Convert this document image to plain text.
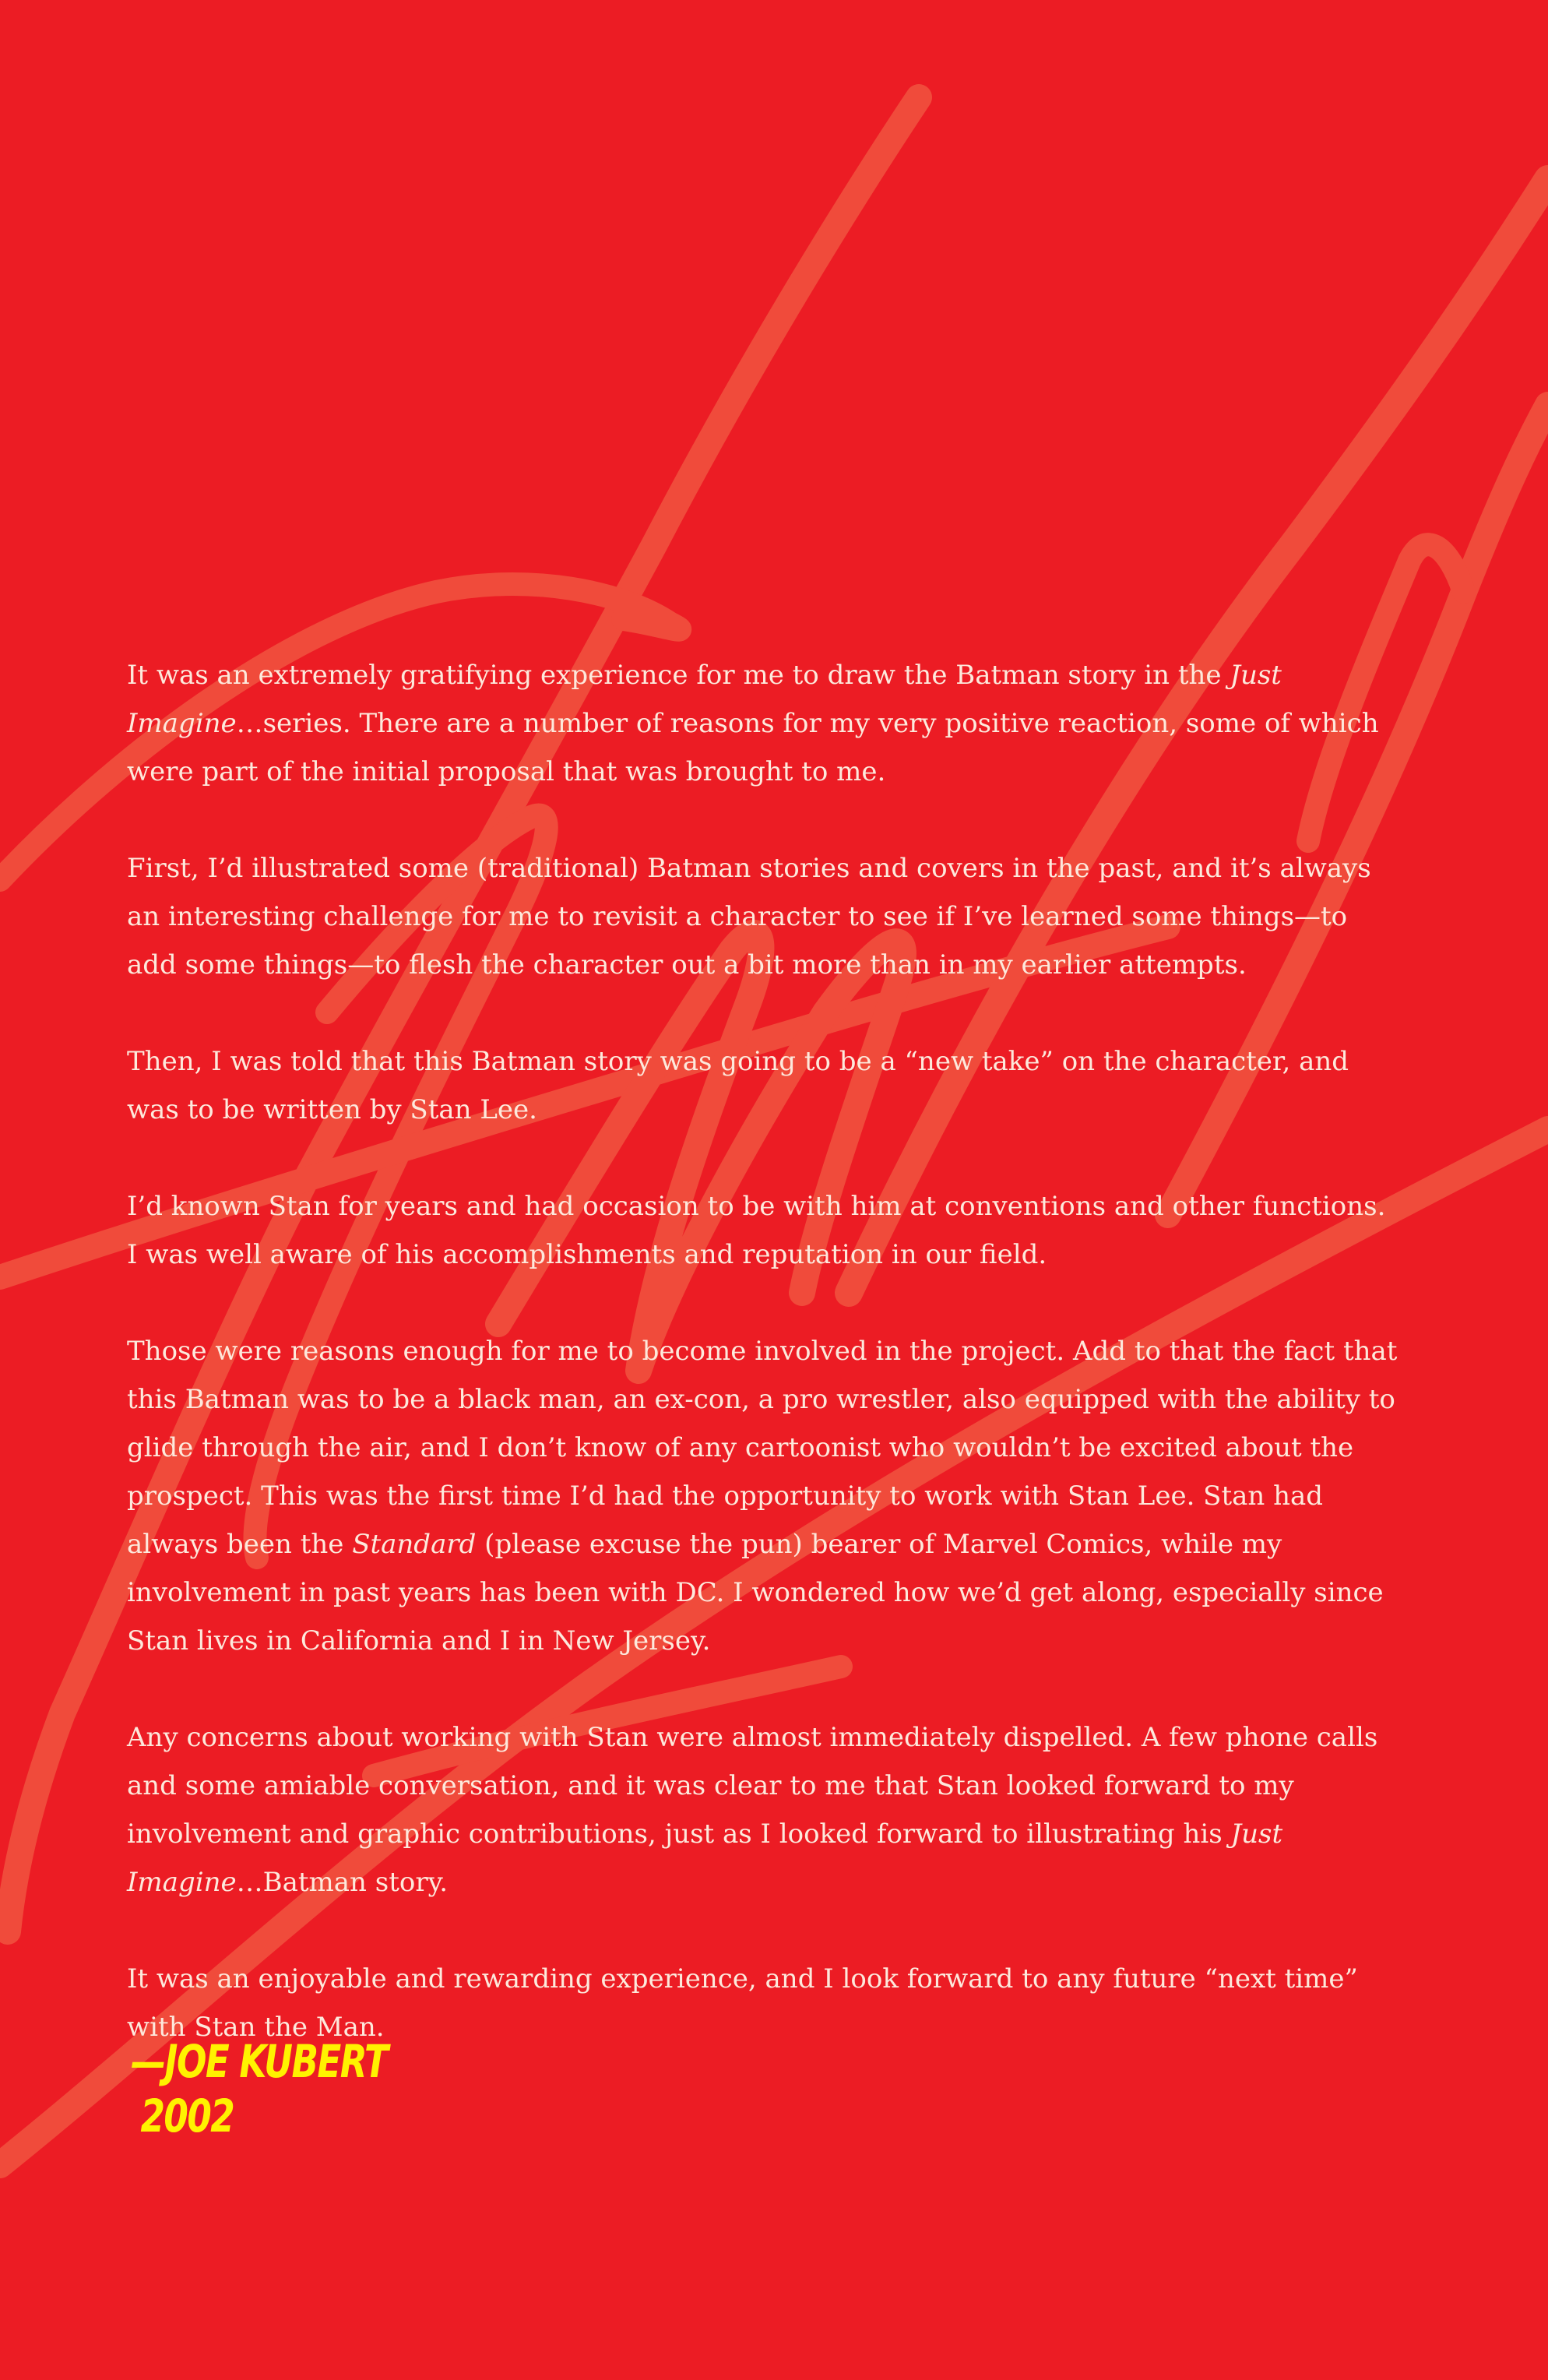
It was an extremely gratifying experience for me to draw the Batman story in the Just Imagine…series. There are a number of reasons for my very positive reaction, some of which were part of the initial proposal that was brought to me.

First, I’d illustrated some (traditional) Batman stories and covers in the past, and it’s always an interesting challenge for me to revisit a character to see if I’ve learned some things—to add some things—to flesh the character out a bit more than in my earlier attempts.

Then, I was told that this Batman story was going to be a “new take” on the character, and was to be written by Stan Lee.

I’d known Stan for years and had occasion to be with him at conventions and other functions. I was well aware of his accomplishments and reputation in our field.

Those were reasons enough for me to become involved in the project. Add to that the fact that this Batman was to be a black man, an ex-con, a pro wrestler, also equipped with the ability to glide through the air, and I don’t know of any cartoonist who wouldn’t be excited about the prospect. This was the first time I’d had the opportunity to work with Stan Lee. Stan had always been the Standard (please excuse the pun) bearer of Marvel Comics, while my involvement in past years has been with DC. I wondered how we’d get along, especially since Stan lives in California and I in New Jersey.

Any concerns about working with Stan were almost immediately dispelled. A few phone calls and some amiable conversation, and it was clear to me that Stan looked forward to my involvement and graphic contributions, just as I looked forward to illustrating his Just Imagine…Batman story.

It was an enjoyable and rewarding experience, and I look forward to any future “next time” with Stan the Man.

—JOE KUBERT
2002
